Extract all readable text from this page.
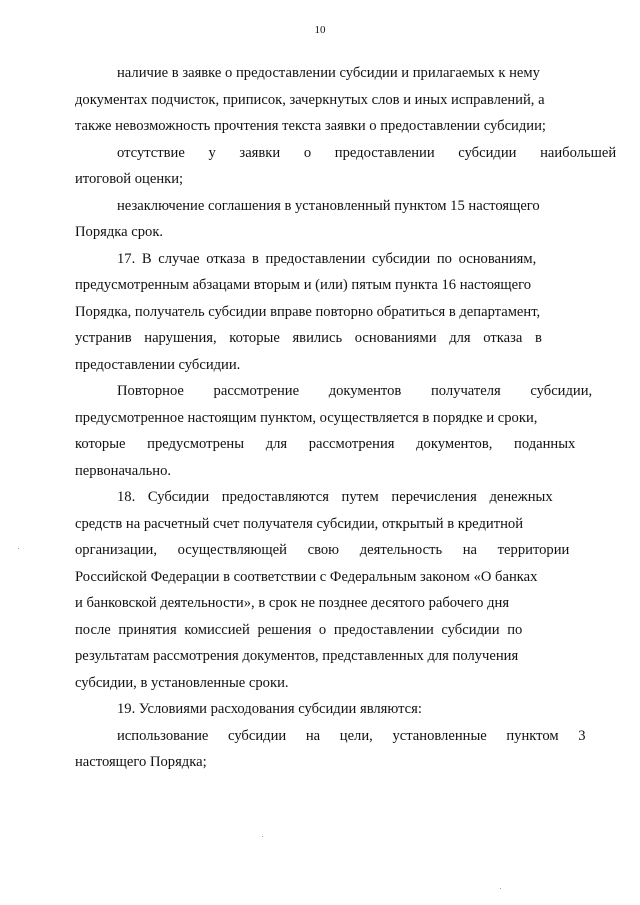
10
наличие в заявке о предоставлении субсидии и прилагаемых к нему
документах подчисток, приписок, зачеркнутых слов и иных исправлений, а
также невозможность прочтения текста заявки о предоставлении субсидии;
отсутствие у заявки о предоставлении субсидии наибольшей
итоговой оценки;
незаключение соглашения в установленный пунктом 15 настоящего
Порядка срок.
17. В случае отказа в предоставлении субсидии по основаниям,
предусмотренным абзацами вторым и (или) пятым пункта 16 настоящего
Порядка, получатель субсидии вправе повторно обратиться в департамент,
устранив нарушения, которые явились основаниями для отказа в
предоставлении субсидии.
Повторное рассмотрение документов получателя субсидии,
предусмотренное настоящим пунктом, осуществляется в порядке и сроки,
которые предусмотрены для рассмотрения документов, поданных
первоначально.
18. Субсидии предоставляются путем перечисления денежных
средств на расчетный счет получателя субсидии, открытый в кредитной
организации, осуществляющей свою деятельность на территории
Российской Федерации в соответствии с Федеральным законом «О банках
и банковской деятельности», в срок не позднее десятого рабочего дня
после принятия комиссией решения о предоставлении субсидии по
результатам рассмотрения документов, представленных для получения
субсидии, в установленные сроки.
19. Условиями расходования субсидии являются:
использование субсидии на цели, установленные пунктом 3
настоящего Порядка;
